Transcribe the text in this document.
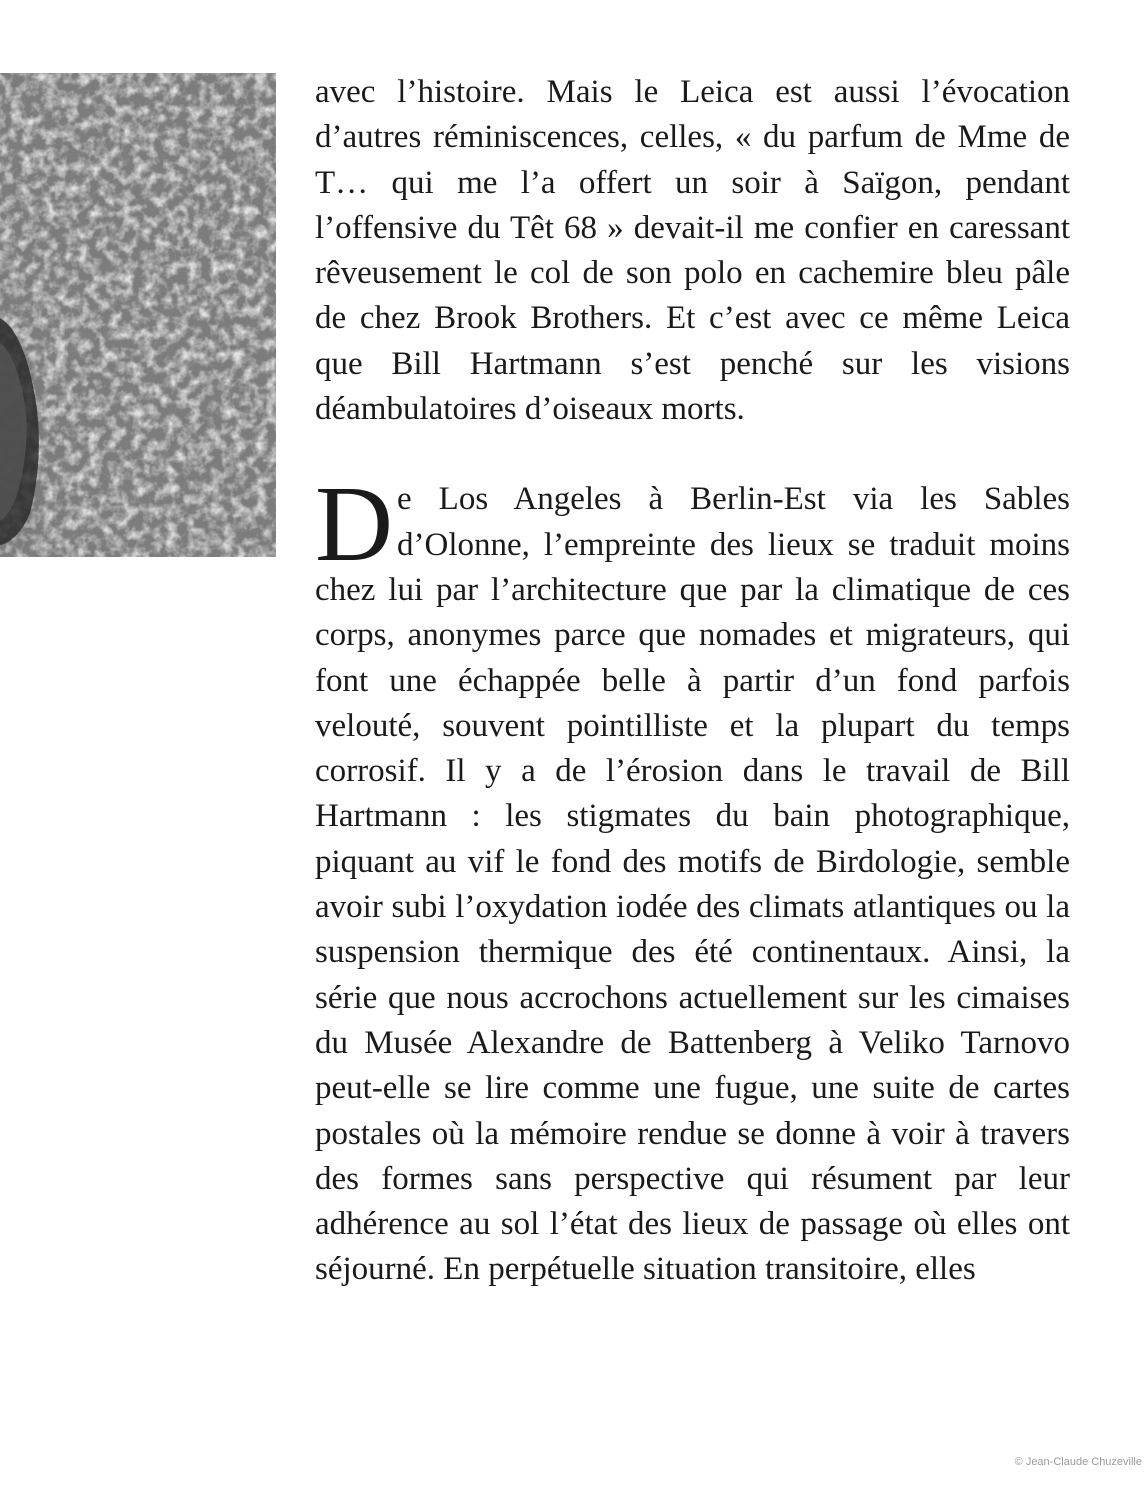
avec l’histoire. Mais le Leica est aussi l’évocation d’autres réminiscences, celles, « du parfum de Mme de T… qui me l’a offert un soir à Saïgon, pendant l’offensive du Têt 68 » devait-il me confier en caressant rêveusement le col de son polo en cachemire bleu pâle de chez Brook Brothers. Et c’est avec ce même Leica que Bill Hartmann s’est penché sur les visions déambulatoires d’oiseaux morts.

De Los Angeles à Berlin-Est via les Sables d’Olonne, l’empreinte des lieux se traduit moins chez lui par l’architecture que par la climatique de ces corps, anonymes parce que nomades et migrateurs, qui font une échappée belle à partir d’un fond parfois velouté, souvent pointilliste et la plupart du temps corrosif. Il y a de l’érosion dans le travail de Bill Hartmann : les stigmates du bain photographique, piquant au vif le fond des motifs de Birdologie, semble avoir subi l’oxydation iodée des climats atlantiques ou la suspension thermique des été continentaux. Ainsi, la série que nous accrochons actuellement sur les cimaises du Musée Alexandre de Battenberg à Veliko Tarnovo peut-elle se lire comme une fugue, une suite de cartes postales où la mémoire rendue se donne à voir à travers des formes sans perspective qui résument par leur adhérence au sol l’état des lieux de passage où elles ont séjourné. En perpétuelle situation transitoire, elles

© Jean-Claude Chuzeville
